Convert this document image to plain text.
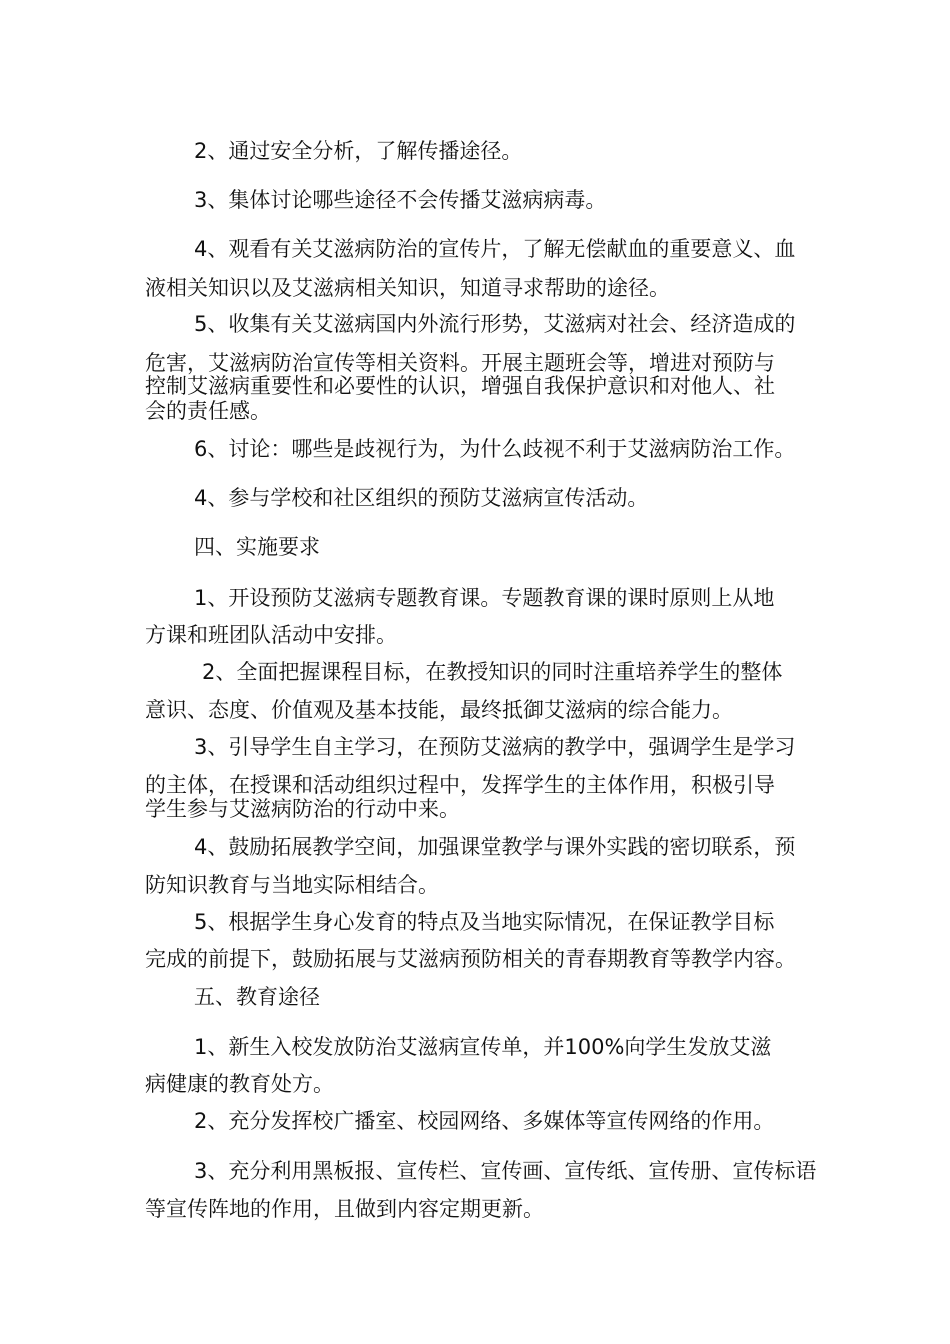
2、通过安全分析，了解传播途径。
3、集体讨论哪些途径不会传播艾滋病病毒。
4、观看有关艾滋病防治的宣传片，了解无偿献血的重要意义、血
液相关知识以及艾滋病相关知识，知道寻求帮助的途径。
5、收集有关艾滋病国内外流行形势，艾滋病对社会、经济造成的
危害，艾滋病防治宣传等相关资料。开展主题班会等，增进对预防与
控制艾滋病重要性和必要性的认识，增强自我保护意识和对他人、社
会的责任感。
6、讨论：哪些是歧视行为，为什么歧视不利于艾滋病防治工作。
4、参与学校和社区组织的预防艾滋病宣传活动。
四、实施要求
1、开设预防艾滋病专题教育课。专题教育课的课时原则上从地
方课和班团队活动中安排。
2、全面把握课程目标，在教授知识的同时注重培养学生的整体
意识、态度、价值观及基本技能，最终抵御艾滋病的综合能力。
3、引导学生自主学习，在预防艾滋病的教学中，强调学生是学习
的主体，在授课和活动组织过程中，发挥学生的主体作用，积极引导
学生参与艾滋病防治的行动中来。
4、鼓励拓展教学空间，加强课堂教学与课外实践的密切联系，预
防知识教育与当地实际相结合。
5、根据学生身心发育的特点及当地实际情况，在保证教学目标
完成的前提下，鼓励拓展与艾滋病预防相关的青春期教育等教学内容。
五、教育途径
1、新生入校发放防治艾滋病宣传单，并100%向学生发放艾滋
病健康的教育处方。
2、充分发挥校广播室、校园网络、多媒体等宣传网络的作用。
3、充分利用黑板报、宣传栏、宣传画、宣传纸、宣传册、宣传标语
等宣传阵地的作用，且做到内容定期更新。
